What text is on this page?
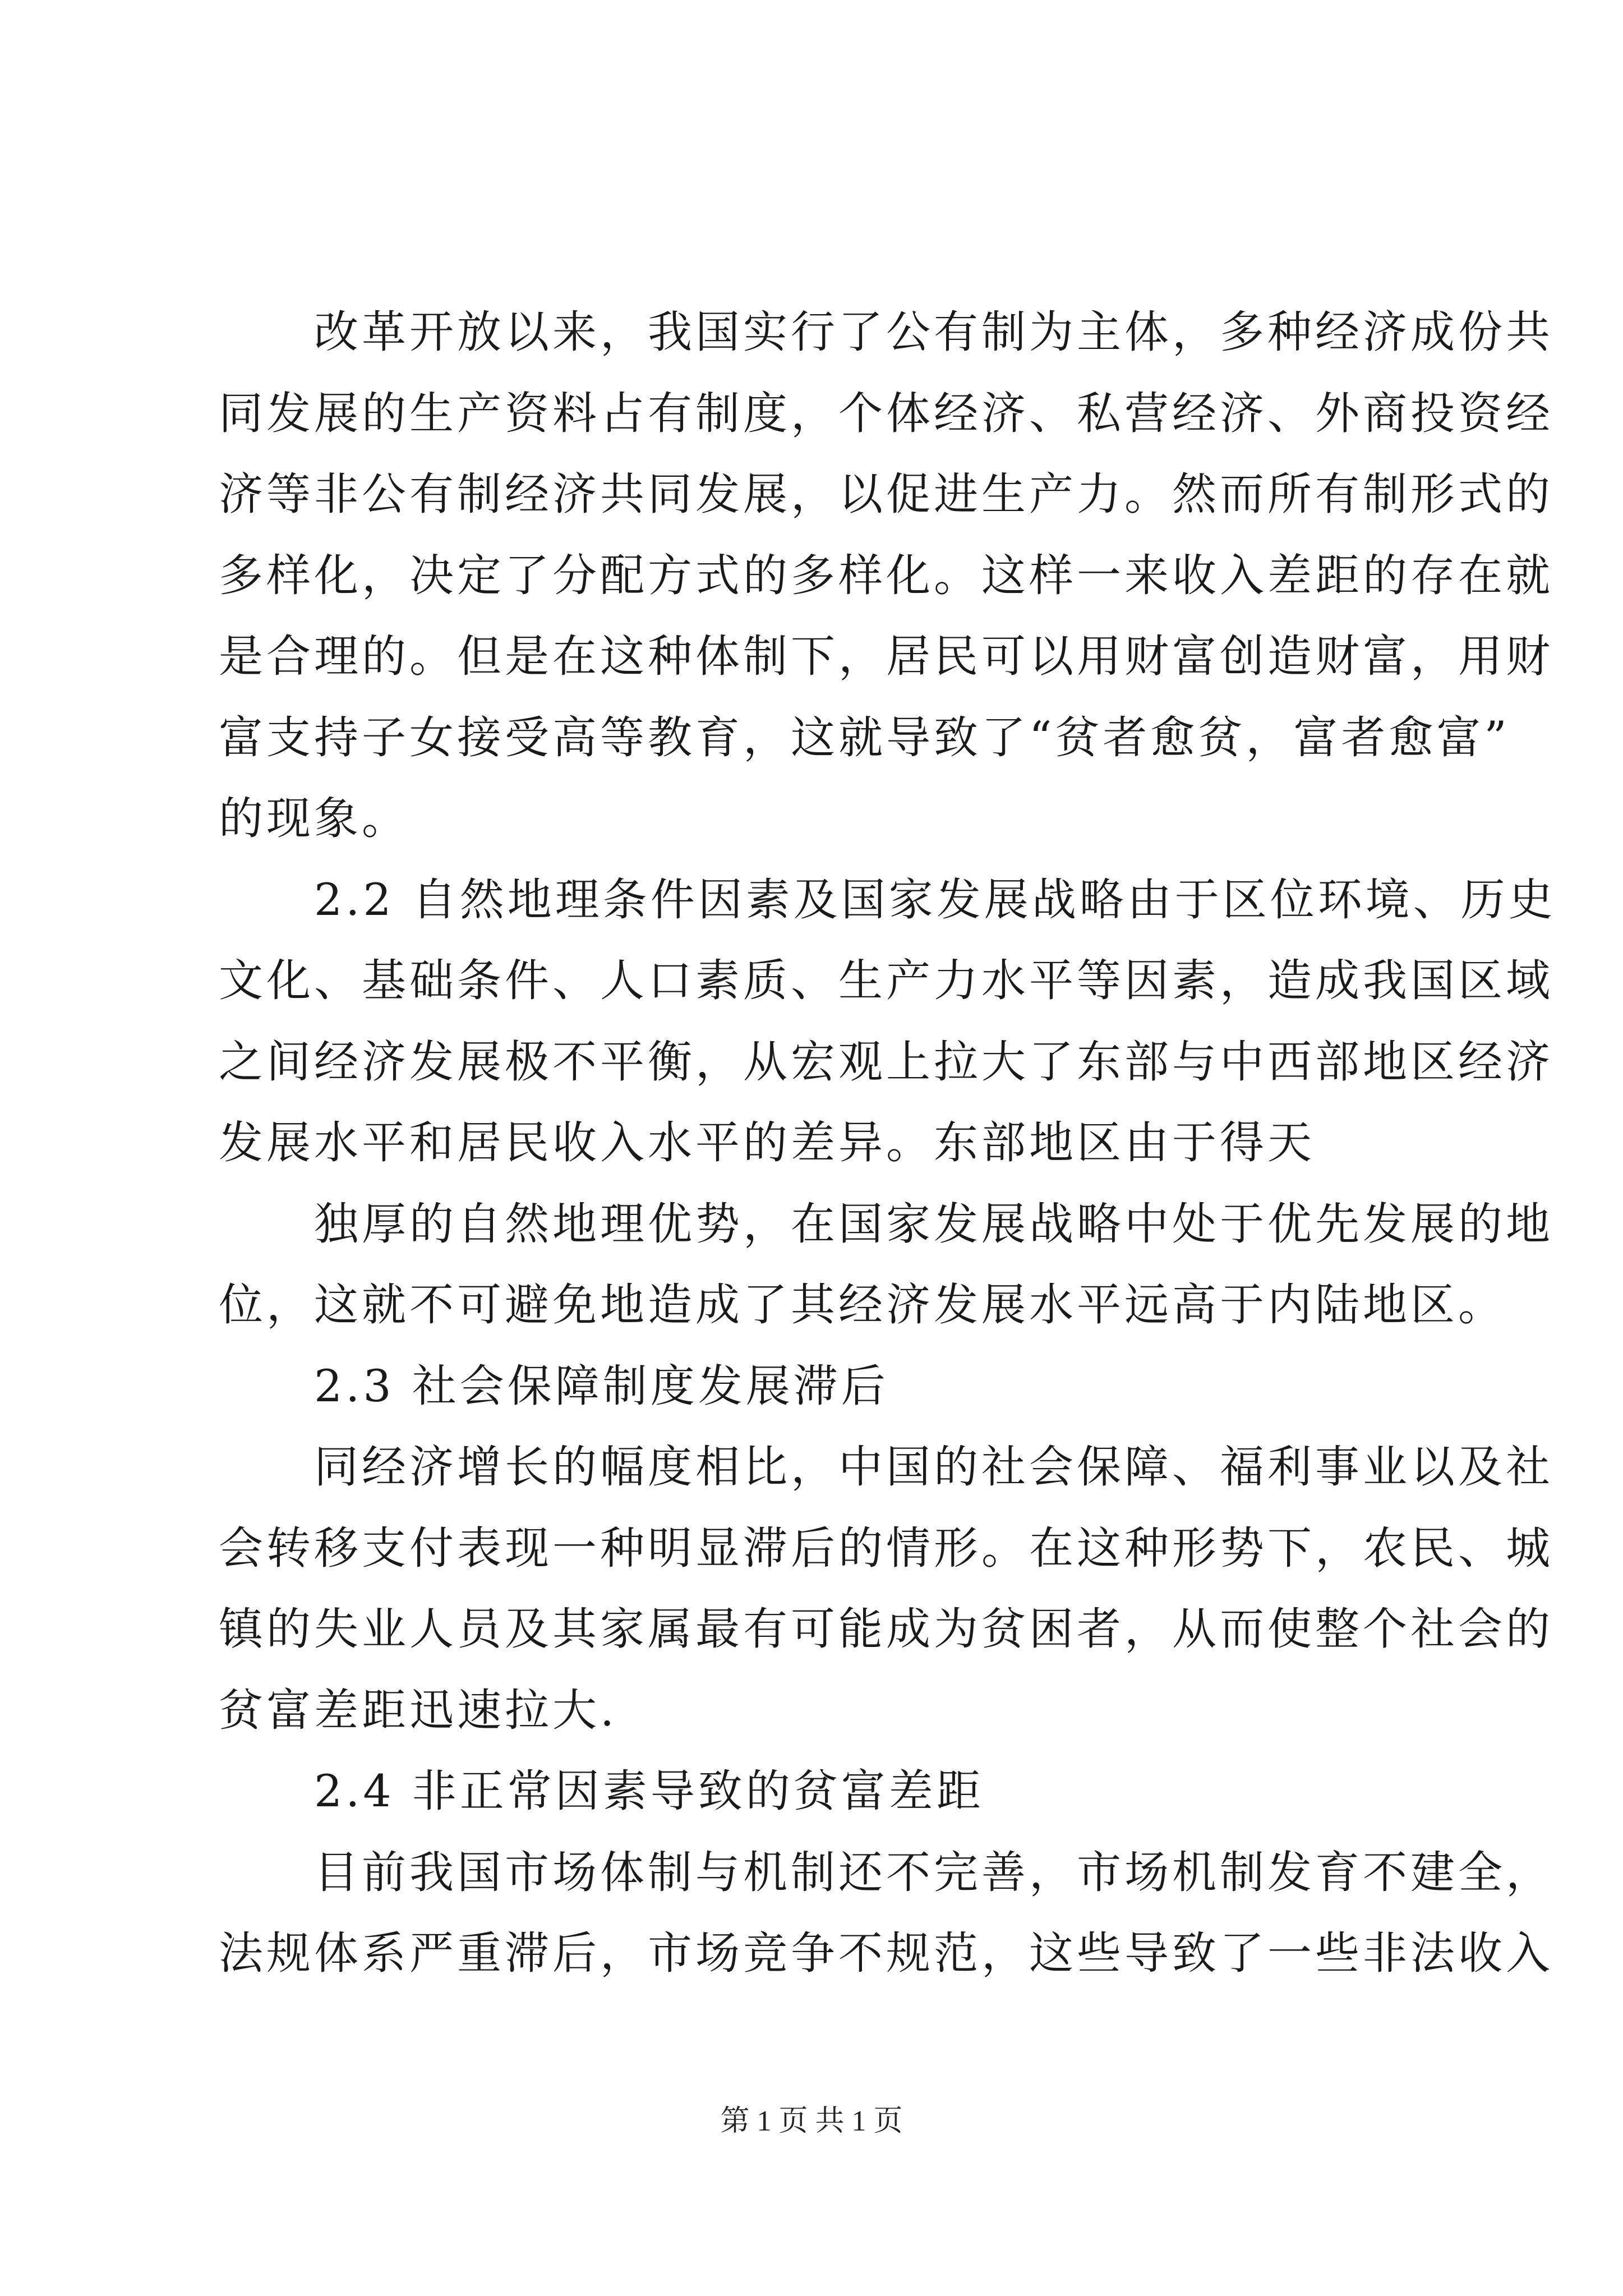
　　改革开放以来，我国实行了公有制为主体，多种经济成份共
同发展的生产资料占有制度，个体经济、私营经济、外商投资经
济等非公有制经济共同发展，以促进生产力。然而所有制形式的
多样化，决定了分配方式的多样化。这样一来收入差距的存在就
是合理的。但是在这种体制下，居民可以用财富创造财富，用财
富支持子女接受高等教育，这就导致了“贫者愈贫，富者愈富”
的现象。
　　2.2 自然地理条件因素及国家发展战略由于区位环境、历史
文化、基础条件、人口素质、生产力水平等因素，造成我国区域
之间经济发展极不平衡，从宏观上拉大了东部与中西部地区经济
发展水平和居民收入水平的差异。东部地区由于得天
　　独厚的自然地理优势，在国家发展战略中处于优先发展的地
位，这就不可避免地造成了其经济发展水平远高于内陆地区。
　　2.3 社会保障制度发展滞后
　　同经济增长的幅度相比，中国的社会保障、福利事业以及社
会转移支付表现一种明显滞后的情形。在这种形势下，农民、城
镇的失业人员及其家属最有可能成为贫困者，从而使整个社会的
贫富差距迅速拉大.
　　2.4 非正常因素导致的贫富差距
　　目前我国市场体制与机制还不完善，市场机制发育不建全，
法规体系严重滞后，市场竞争不规范，这些导致了一些非法收入
第 1 页 共 1 页
